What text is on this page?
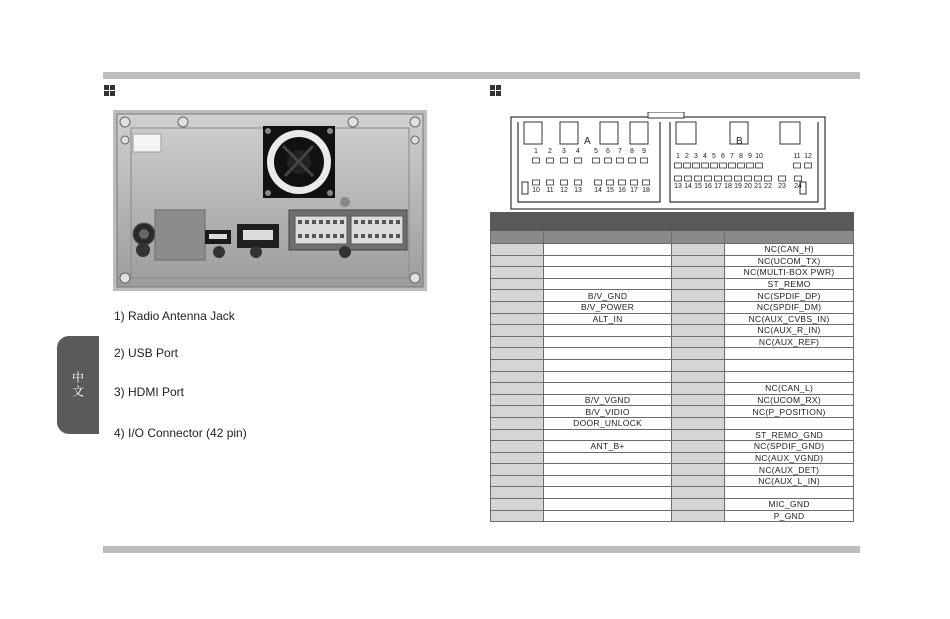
中文
1) Radio Antenna Jack
2) USB Port
3) HDMI Port
4) I/O Connector (42 pin)
A	B
1 2 3 4 5 6 7 8 9
10 11 12 13 14 15 16 17 18
1 2 3 4 5 6 7 8 9 10	11 12
13 14 15 16 17 18 19 20 21 22 23 24

			NC(CAN_H)
			NC(UCOM_TX)
			NC(MULTI-BOX PWR)
			ST_REMO
	B/V_GND		NC(SPDIF_DP)
	B/V_POWER		NC(SPDIF_DM)
	ALT_IN		NC(AUX_CVBS_IN)
			NC(AUX_R_IN)
			NC(AUX_REF)

			NC(CAN_L)
	B/V_VGND		NC(UCOM_RX)
	B/V_VIDIO		NC(P_POSITION)
	DOOR_UNLOCK		
			ST_REMO_GND
	ANT_B+		NC(SPDIF_GND)
			NC(AUX_VGND)
			NC(AUX_DET)
			NC(AUX_L_IN)

			MIC_GND
			P_GND
